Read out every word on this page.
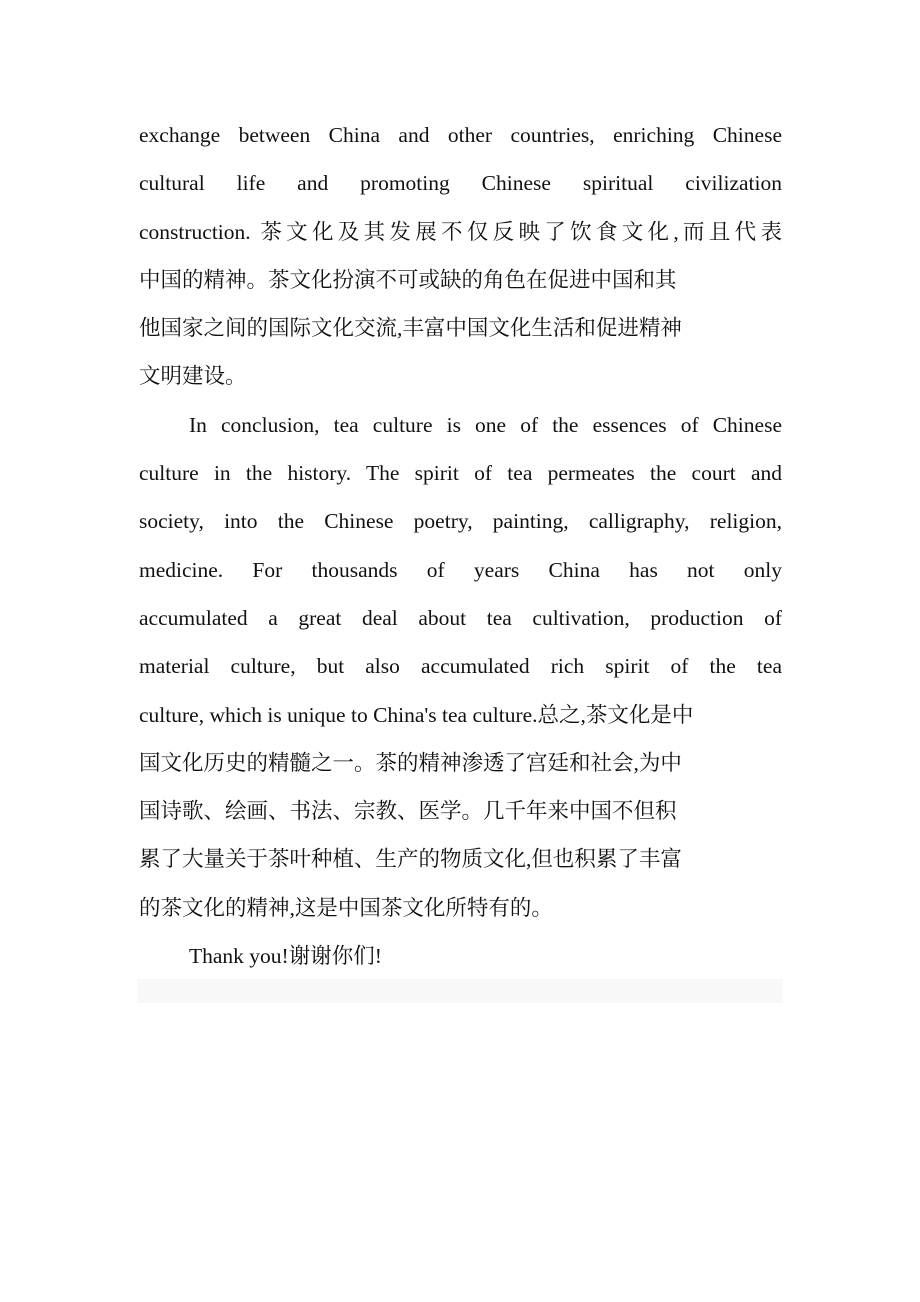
exchange between China and other countries, enriching Chinese
cultural life and promoting Chinese spiritual civilization
construction. 茶文化及其发展不仅反映了饮食文化,而且代表
中国的精神。茶文化扮演不可或缺的角色在促进中国和其
他国家之间的国际文化交流,丰富中国文化生活和促进精神
文明建设。
In conclusion, tea culture is one of the essences of Chinese
culture in the history. The spirit of tea permeates the court and
society, into the Chinese poetry, painting, calligraphy, religion,
medicine. For thousands of years China has not only
accumulated a great deal about tea cultivation, production of
material culture, but also accumulated rich spirit of the tea
culture, which is unique to China's tea culture.总之,茶文化是中
国文化历史的精髓之一。茶的精神渗透了宫廷和社会,为中
国诗歌、绘画、书法、宗教、医学。几千年来中国不但积
累了大量关于茶叶种植、生产的物质文化,但也积累了丰富
的茶文化的精神,这是中国茶文化所特有的。
Thank you!谢谢你们!
